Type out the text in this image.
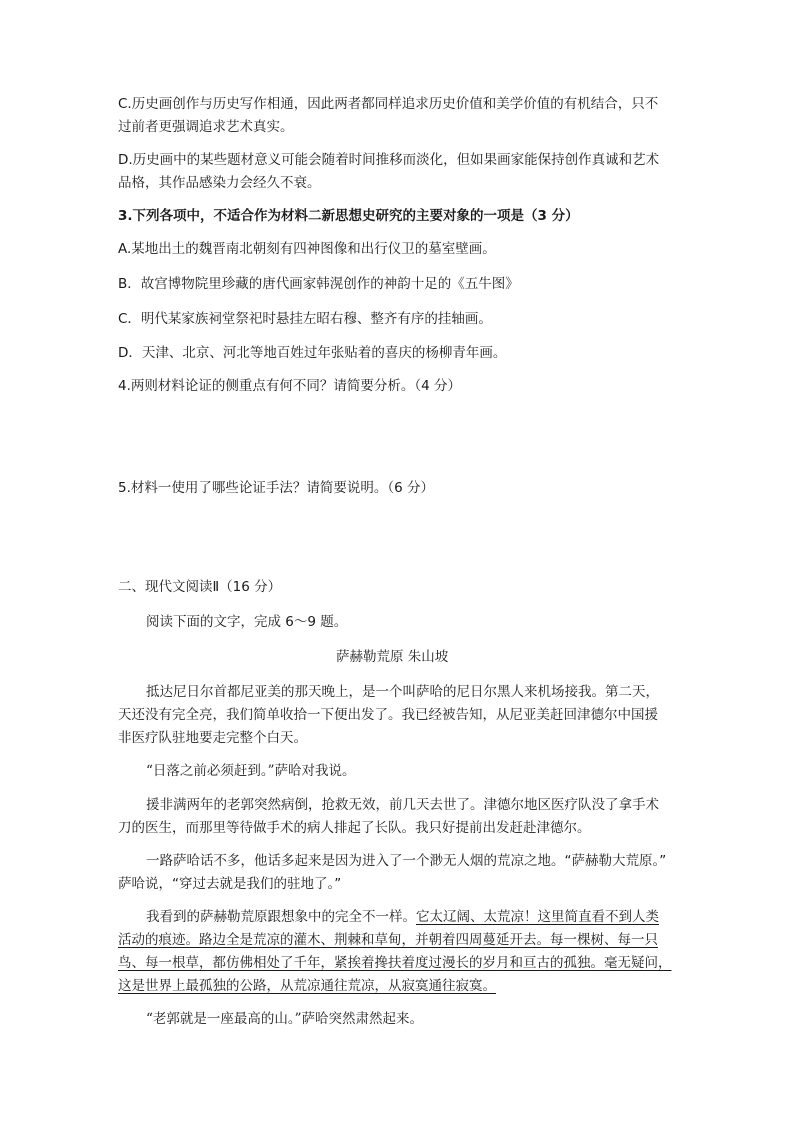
C.历史画创作与历史写作相通，因此两者都同样追求历史价值和美学价值的有机结合，只不
过前者更强调追求艺术真实。
D.历史画中的某些题材意义可能会随着时间推移而淡化，但如果画家能保持创作真诚和艺术
品格，其作品感染力会经久不衰。
3.下列各项中，不适合作为材料二新思想史研究的主要对象的一项是（3 分）
A.某地出土的魏晋南北朝刻有四神图像和出行仪卫的墓室壁画。
B．故宫博物院里珍藏的唐代画家韩滉创作的神韵十足的《五牛图》
C．明代某家族祠堂祭祀时悬挂左昭右穆、整齐有序的挂轴画。
D．天津、北京、河北等地百姓过年张贴着的喜庆的杨柳青年画。
4.两则材料论证的侧重点有何不同？请简要分析。（4 分）
5.材料一使用了哪些论证手法？请简要说明。（6 分）
二、现代文阅读Ⅱ（16 分）
阅读下面的文字，完成 6～9 题。
萨赫勒荒原 朱山坡
抵达尼日尔首都尼亚美的那天晚上，是一个叫萨哈的尼日尔黑人来机场接我。第二天，
天还没有完全亮，我们简单收拾一下便出发了。我已经被告知，从尼亚美赶回津德尔中国援
非医疗队驻地要走完整个白天。
“日落之前必须赶到。”萨哈对我说。
援非满两年的老郭突然病倒，抢救无效，前几天去世了。津德尔地区医疗队没了拿手术
刀的医生，而那里等待做手术的病人排起了长队。我只好提前出发赶赴津德尔。
一路萨哈话不多，他话多起来是因为进入了一个渺无人烟的荒凉之地。“萨赫勒大荒原。”
萨哈说，“穿过去就是我们的驻地了。”
我看到的萨赫勒荒原跟想象中的完全不一样。它太辽阔、太荒凉！这里简直看不到人类
活动的痕迹。路边全是荒凉的灌木、荆棘和草甸，并朝着四周蔓延开去。每一棵树、每一只
鸟、每一根草，都仿佛相处了千年，紧挨着搀扶着度过漫长的岁月和亘古的孤独。毫无疑问，
这是世界上最孤独的公路，从荒凉通往荒凉，从寂寞通往寂寞。
“老郭就是一座最高的山。”萨哈突然肃然起来。
